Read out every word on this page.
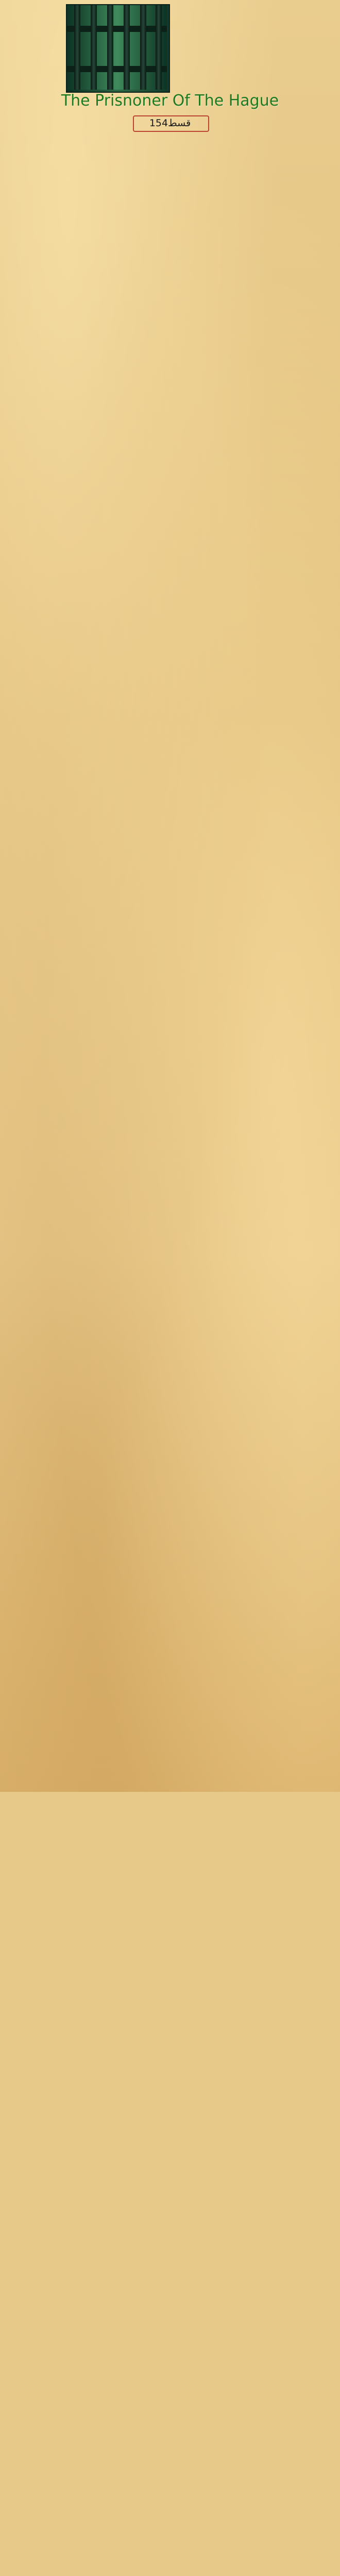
The Prisnoner Of The Hague
قسط154
